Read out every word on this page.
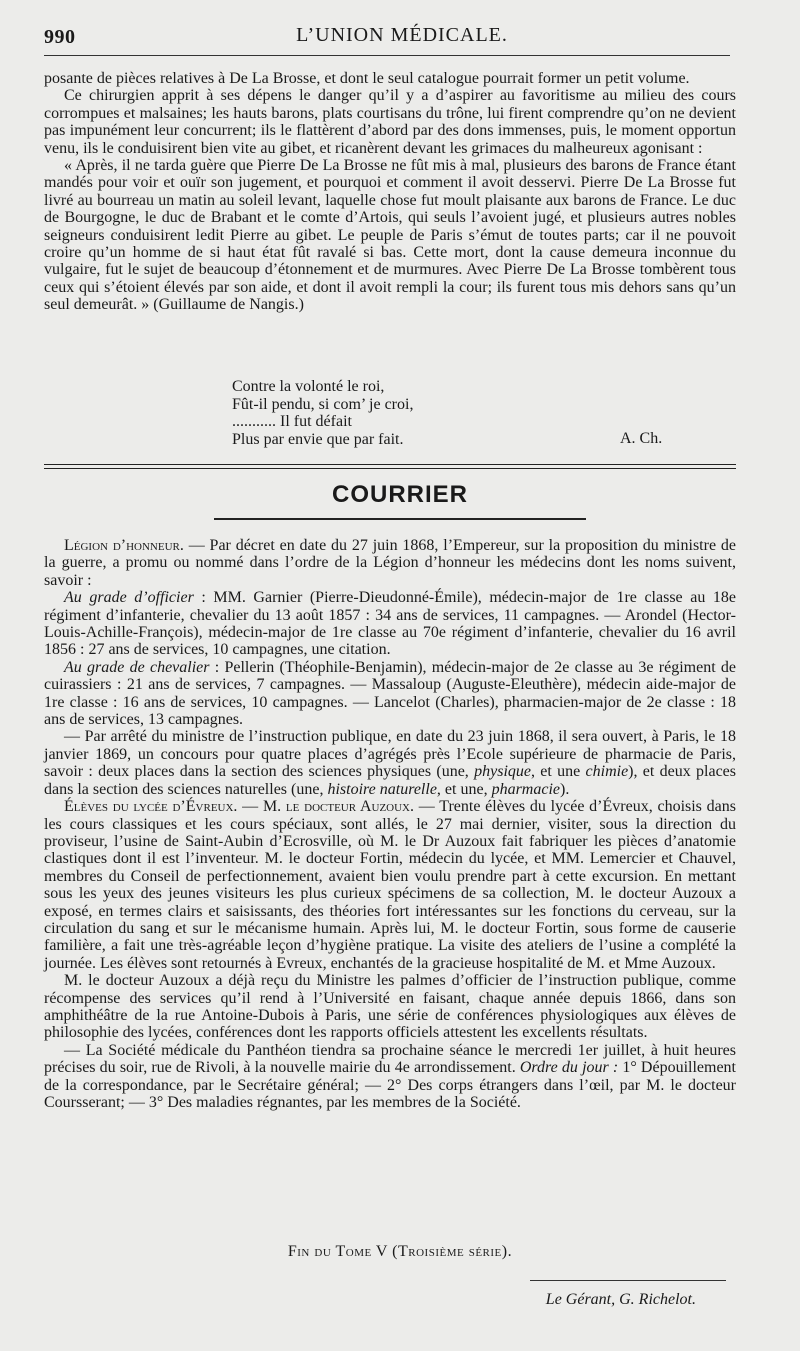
990	L’UNION MÉDICALE.

posante de pièces relatives à De La Brosse, et dont le seul catalogue pourrait former un petit volume.

Ce chirurgien apprit à ses dépens le danger qu’il y a d’aspirer au favoritisme au milieu des cours corrompues et malsaines; les hauts barons, plats courtisans du trône, lui firent comprendre qu’on ne devient pas impunément leur concurrent; ils le flattèrent d’abord par des dons immenses, puis, le moment opportun venu, ils le conduisirent bien vite au gibet, et ricanèrent devant les grimaces du malheureux agonisant :

« Après, il ne tarda guère que Pierre De La Brosse ne fût mis à mal, plusieurs des barons de France étant mandés pour voir et ouïr son jugement, et pourquoi et comment il avoit desservi. Pierre De La Brosse fut livré au bourreau un matin au soleil levant, laquelle chose fut moult plaisante aux barons de France. Le duc de Bourgogne, le duc de Brabant et le comte d’Artois, qui seuls l’avoient jugé, et plusieurs autres nobles seigneurs conduisirent ledit Pierre au gibet. Le peuple de Paris s’émut de toutes parts; car il ne pouvoit croire qu’un homme de si haut état fût ravalé si bas. Cette mort, dont la cause demeura inconnue du vulgaire, fut le sujet de beaucoup d’étonnement et de murmures. Avec Pierre De La Brosse tombèrent tous ceux qui s’étoient élevés par son aide, et dont il avoit rempli la cour; ils furent tous mis dehors sans qu’un seul demeurât. » (Guillaume de Nangis.)

Contre la volonté le roi,
Fût-il pendu, si com’ je croi,
........... Il fut défait
Plus par envie que par fait.	A. Ch.
COURRIER

Légion d’honneur. — Par décret en date du 27 juin 1868, l’Empereur, sur la proposition du ministre de la guerre, a promu ou nommé dans l’ordre de la Légion d’honneur les médecins dont les noms suivent, savoir :

Au grade d’officier : MM. Garnier (Pierre-Dieudonné-Émile), médecin-major de 1re classe au 18e régiment d’infanterie, chevalier du 13 août 1857 : 34 ans de services, 11 campagnes. — Arondel (Hector-Louis-Achille-François), médecin-major de 1re classe au 70e régiment d’infanterie, chevalier du 16 avril 1856 : 27 ans de services, 10 campagnes, une citation.

Au grade de chevalier : Pellerin (Théophile-Benjamin), médecin-major de 2e classe au 3e régiment de cuirassiers : 21 ans de services, 7 campagnes. — Massaloup (Auguste-Eleuthère), médecin aide-major de 1re classe : 16 ans de services, 10 campagnes. — Lancelot (Charles), pharmacien-major de 2e classe : 18 ans de services, 13 campagnes.

— Par arrêté du ministre de l’instruction publique, en date du 23 juin 1868, il sera ouvert, à Paris, le 18 janvier 1869, un concours pour quatre places d’agrégés près l’Ecole supérieure de pharmacie de Paris, savoir : deux places dans la section des sciences physiques (une, physique, et une chimie), et deux places dans la section des sciences naturelles (une, histoire naturelle, et une, pharmacie).

Élèves du lycée d’Évreux. — M. le docteur Auzoux. — Trente élèves du lycée d’Évreux, choisis dans les cours classiques et les cours spéciaux, sont allés, le 27 mai dernier, visiter, sous la direction du proviseur, l’usine de Saint-Aubin d’Ecrosville, où M. le Dr Auzoux fait fabriquer les pièces d’anatomie clastiques dont il est l’inventeur. M. le docteur Fortin, médecin du lycée, et MM. Lemercier et Chauvel, membres du Conseil de perfectionnement, avaient bien voulu prendre part à cette excursion. En mettant sous les yeux des jeunes visiteurs les plus curieux spécimens de sa collection, M. le docteur Auzoux a exposé, en termes clairs et saisissants, des théories fort intéressantes sur les fonctions du cerveau, sur la circulation du sang et sur le mécanisme humain. Après lui, M. le docteur Fortin, sous forme de causerie familière, a fait une très-agréable leçon d’hygiène pratique. La visite des ateliers de l’usine a complété la journée. Les élèves sont retournés à Evreux, enchantés de la gracieuse hospitalité de M. et Mme Auzoux.

M. le docteur Auzoux a déjà reçu du Ministre les palmes d’officier de l’instruction publique, comme récompense des services qu’il rend à l’Université en faisant, chaque année depuis 1866, dans son amphithéâtre de la rue Antoine-Dubois à Paris, une série de conférences physiologiques aux élèves de philosophie des lycées, conférences dont les rapports officiels attestent les excellents résultats.

— La Société médicale du Panthéon tiendra sa prochaine séance le mercredi 1er juillet, à huit heures précises du soir, rue de Rivoli, à la nouvelle mairie du 4e arrondissement. Ordre du jour : 1° Dépouillement de la correspondance, par le Secrétaire général; — 2° Des corps étrangers dans l’œil, par M. le docteur Coursserant; — 3° Des maladies régnantes, par les membres de la Société.

Fin du Tome V (Troisième série).
Le Gérant, G. Richelot.
